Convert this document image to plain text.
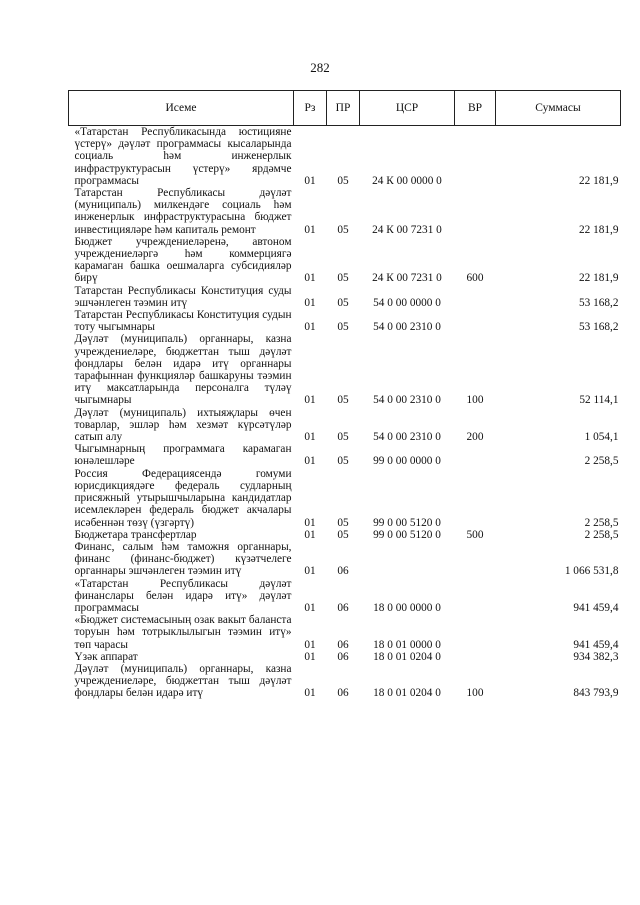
282
Исеме	Рз	ПР	ЦСР	ВР	Суммасы
«Татарстан Республикасында юстицияне үстерү» дәүләт программасы кысаларында социаль һәм инженерлык инфраструктурасын үстерү» ярдәмче программасы	01	05	24 К 00 0000 0		22 181,9
Татарстан Республикасы дәүләт (муниципаль) милкендәге социаль һәм инженерлык инфраструктурасына бюджет инвестицияләре һәм капиталь ремонт	01	05	24 К 00 7231 0		22 181,9
Бюджет учреждениеләренә, автоном учреждениеләргә һәм коммерциягә карамаган башка оешмаларга субсидияләр бирү	01	05	24 К 00 7231 0	600	22 181,9
Татарстан Республикасы Конституция суды эшчәнлеген тәэмин итү	01	05	54 0 00 0000 0		53 168,2
Татарстан Республикасы Конституция судын тоту чыгымнары	01	05	54 0 00 2310 0		53 168,2
Дәүләт (муниципаль) органнары, казна учреждениеләре, бюджеттан тыш дәүләт фондлары белән идарә итү органнары тарафыннан функцияләр башкаруны тәэмин итү максатларында персоналга түләү чыгымнары	01	05	54 0 00 2310 0	100	52 114,1
Дәүләт (муниципаль) ихтыяҗлары өчен товарлар, эшләр һәм хезмәт күрсәтүләр сатып алу	01	05	54 0 00 2310 0	200	1 054,1
Чыгымнарның программага карамаган юнәлешләре	01	05	99 0 00 0000 0		2 258,5
Россия Федерациясендә гомуми юрисдикциядәге федераль судларның присяжный утырышчыларына кандидатлар исемлекләрен федераль бюджет акчалары исәбеннән төзү (үзгәртү)	01	05	99 0 00 5120 0		2 258,5
Бюджетара трансфертлар	01	05	99 0 00 5120 0	500	2 258,5
Финанс, салым һәм таможня органнары, финанс (финанс-бюджет) күзәтчелеге органнары эшчәнлеген тәэмин итү	01	06			1 066 531,8
«Татарстан Республикасы дәүләт финанслары белән идарә итү» дәүләт программасы	01	06	18 0 00 0000 0		941 459,4
«Бюджет системасының озак вакыт баланста торуын һәм тотрыклылыгын тәэмин итү» төп чарасы	01	06	18 0 01 0000 0		941 459,4
Үзәк аппарат	01	06	18 0 01 0204 0		934 382,3
Дәүләт (муниципаль) органнары, казна учреждениеләре, бюджеттан тыш дәүләт фондлары белән идарә итү	01	06	18 0 01 0204 0	100	843 793,9
